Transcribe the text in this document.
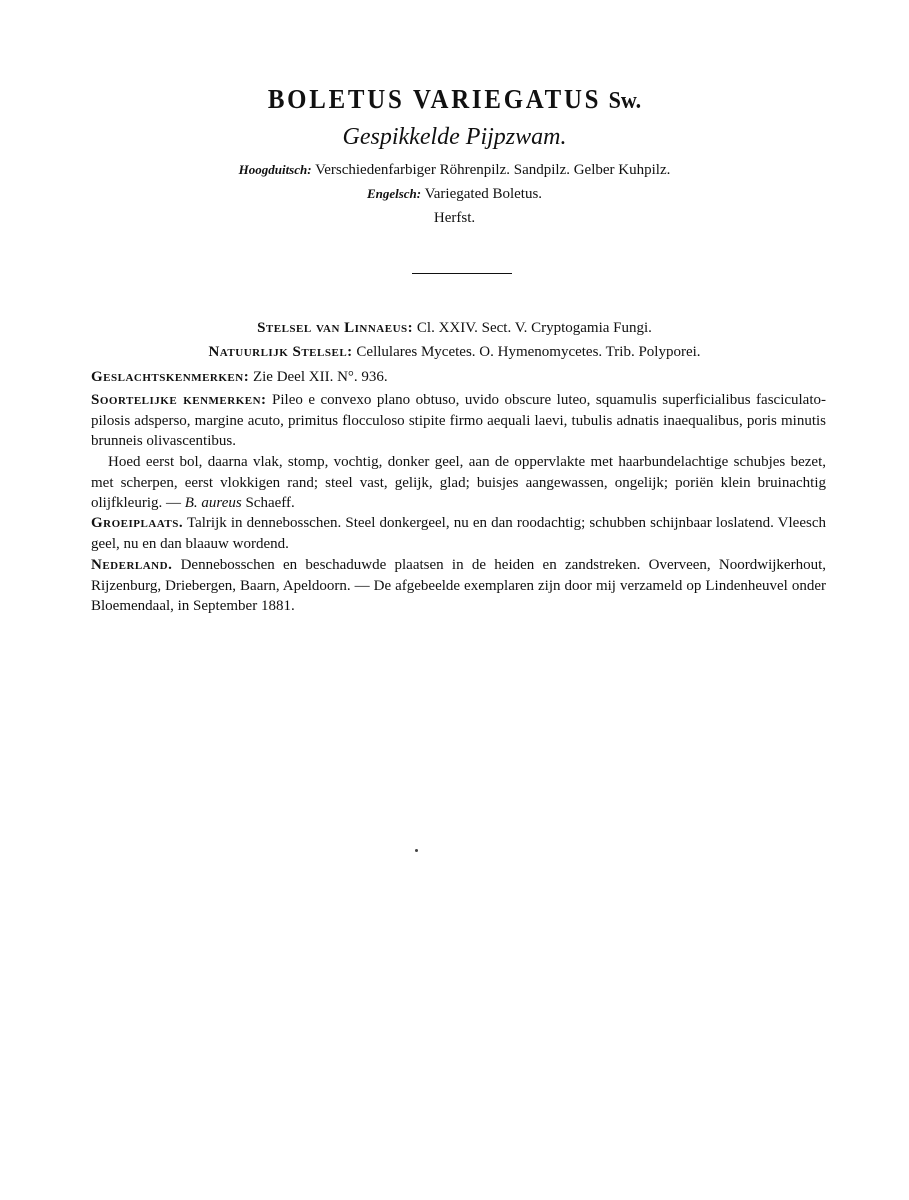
BOLETUS VARIEGATUS Sw.
Gespikkelde Pijpzwam.
Hoogduitsch: Verschiedenfarbiger Röhrenpilz. Sandpilz. Gelber Kuhpilz.
Engelsch: Variegated Boletus.
Herfst.
Stelsel van Linnaeus: Cl. XXIV. Sect. V. Cryptogamia Fungi.
Natuurlijk Stelsel: Cellulares Mycetes. O. Hymenomycetes. Trib. Polyporei.
Geslachtskenmerken: Zie Deel XII. N°. 936.
Soortelijke kenmerken: Pileo e convexo plano obtuso, uvido obscure luteo, squamulis superficialibus fasciculato-pilosis adsperso, margine acuto, primitus flocculoso stipite firmo aequali laevi, tubulis adnatis inaequalibus, poris minutis brunneis olivascentibus.
Hoed eerst bol, daarna vlak, stomp, vochtig, donker geel, aan de oppervlakte met haarbundelachtige schubjes bezet, met scherpen, eerst vlokkigen rand; steel vast, gelijk, glad; buisjes aangewassen, ongelijk; poriën klein bruinachtig olijfkleurig. — B. aureus Schaeff.
Groeiplaats. Talrijk in dennebosschen. Steel donkergeel, nu en dan roodachtig; schubben schijnbaar loslatend. Vleesch geel, nu en dan blaauw wordend.
Nederland. Dennebosschen en beschaduwde plaatsen in de heiden en zandstreken. Overveen, Noordwijkerhout, Rijzenburg, Driebergen, Baarn, Apeldoorn. — De afgebeelde exemplaren zijn door mij verzameld op Lindenheuvel onder Bloemendaal, in September 1881.
